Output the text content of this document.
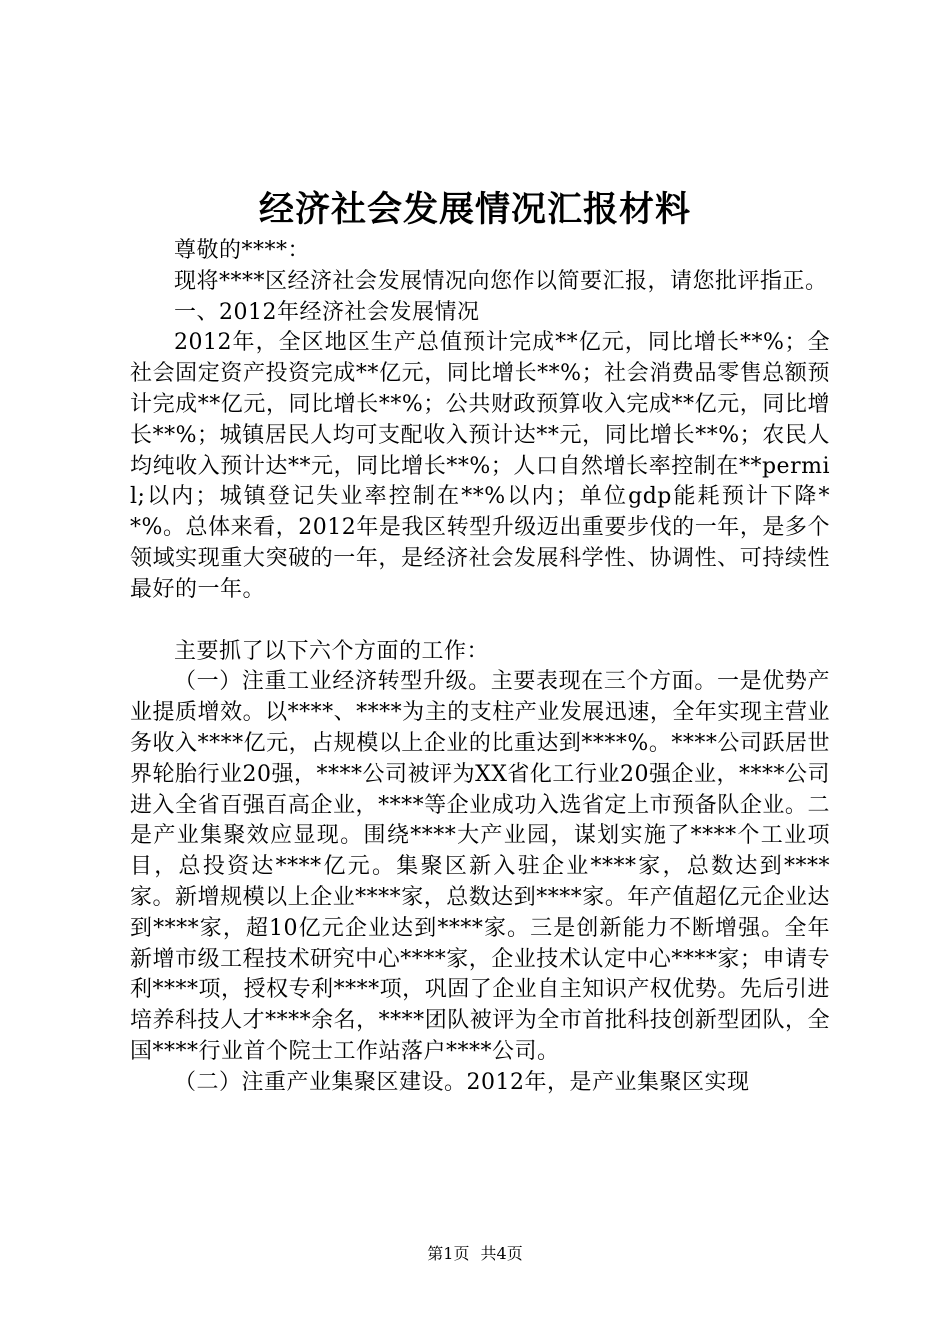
经济社会发展情况汇报材料

尊敬的****：

现将****区经济社会发展情况向您作以简要汇报，请您批评指正。

一、2012年经济社会发展情况

2012年，全区地区生产总值预计完成**亿元，同比增长**%；全社会固定资产投资完成**亿元，同比增长**%；社会消费品零售总额预计完成**亿元，同比增长**%；公共财政预算收入完成**亿元，同比增长**%；城镇居民人均可支配收入预计达**元，同比增长**%；农民人均纯收入预计达**元，同比增长**%；人口自然增长率控制在**permil;以内；城镇登记失业率控制在**%以内；单位gdp能耗预计下降**%。总体来看，2012年是我区转型升级迈出重要步伐的一年，是多个领域实现重大突破的一年，是经济社会发展科学性、协调性、可持续性最好的一年。

主要抓了以下六个方面的工作：

（一）注重工业经济转型升级。主要表现在三个方面。一是优势产业提质增效。以****、****为主的支柱产业发展迅速，全年实现主营业务收入****亿元，占规模以上企业的比重达到****%。****公司跃居世界轮胎行业20强，****公司被评为XX省化工行业20强企业，****公司进入全省百强百高企业，****等企业成功入选省定上市预备队企业。二是产业集聚效应显现。围绕****大产业园，谋划实施了****个工业项目，总投资达****亿元。集聚区新入驻企业****家，总数达到****家。新增规模以上企业****家，总数达到****家。年产值超亿元企业达到****家，超10亿元企业达到****家。三是创新能力不断增强。全年新增市级工程技术研究中心****家，企业技术认定中心****家；申请专利****项，授权专利****项，巩固了企业自主知识产权优势。先后引进培养科技人才****余名，****团队被评为全市首批科技创新型团队，全国****行业首个院士工作站落户****公司。

（二）注重产业集聚区建设。2012年，是产业集聚区实现

第1页 共4页
